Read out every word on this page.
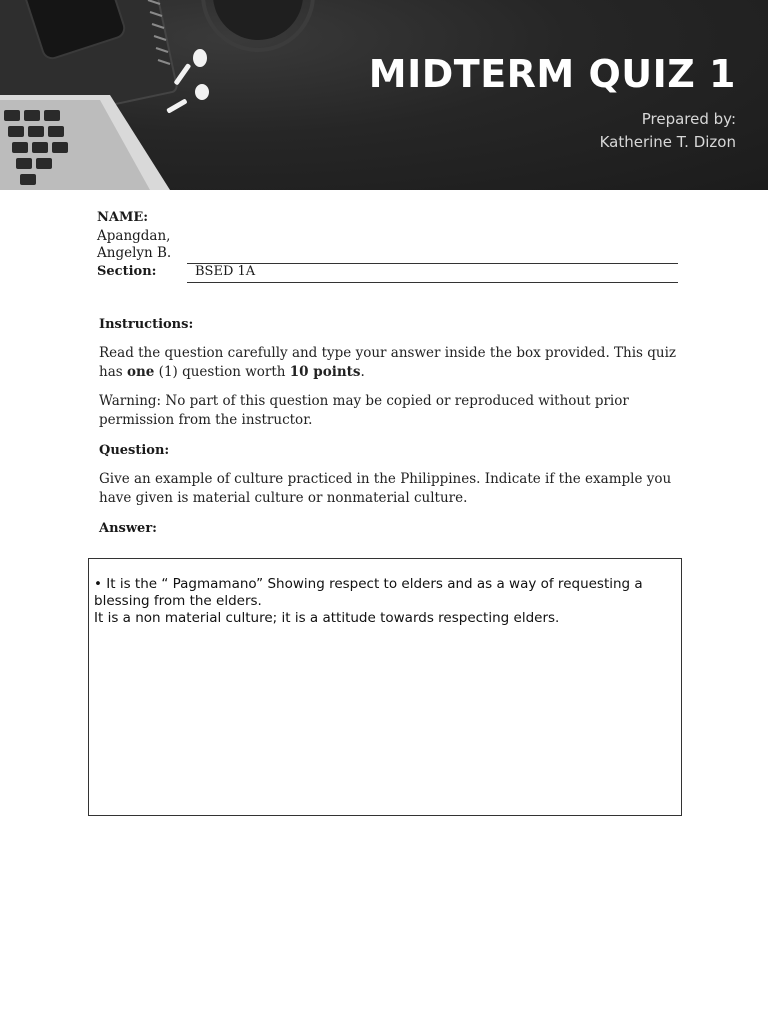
MIDTERM QUIZ 1
Prepared by:
Katherine T. Dizon
NAME:
Apangdan, Angelyn B.
Section:	BSED 1A
Instructions:
Read the question carefully and type your answer inside the box provided. This quiz has one (1) question worth 10 points.
Warning: No part of this question may be copied or reproduced without prior permission from the instructor.
Question:
Give an example of culture practiced in the Philippines. Indicate if the example you have given is material culture or nonmaterial culture.
Answer:
• It is the “ Pagmamano” Showing respect to elders and as a way of requesting a blessing from the elders.
It is a non material culture; it is a attitude towards respecting elders.
